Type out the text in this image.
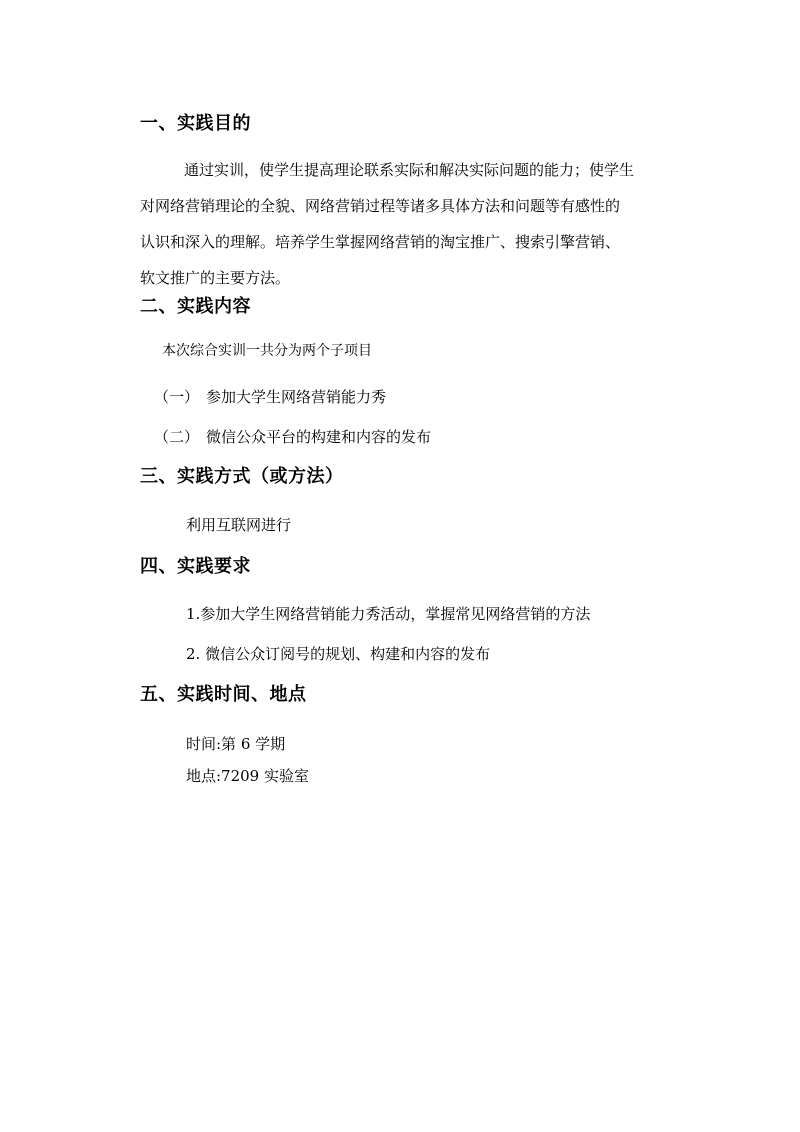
一、实践目的

通过实训，使学生提高理论联系实际和解决实际问题的能力；使学生
对网络营销理论的全貌、网络营销过程等诸多具体方法和问题等有感性的
认识和深入的理解。培养学生掌握网络营销的淘宝推广、搜索引擎营销、
软文推广的主要方法。

二、实践内容
本次综合实训一共分为两个子项目
（一） 参加大学生网络营销能力秀
（二） 微信公众平台的构建和内容的发布
三、实践方式（或方法）
利用互联网进行
四、实践要求
1.参加大学生网络营销能力秀活动，掌握常见网络营销的方法
2. 微信公众订阅号的规划、构建和内容的发布
五、实践时间、地点
时间:第 6 学期
地点:7209 实验室
